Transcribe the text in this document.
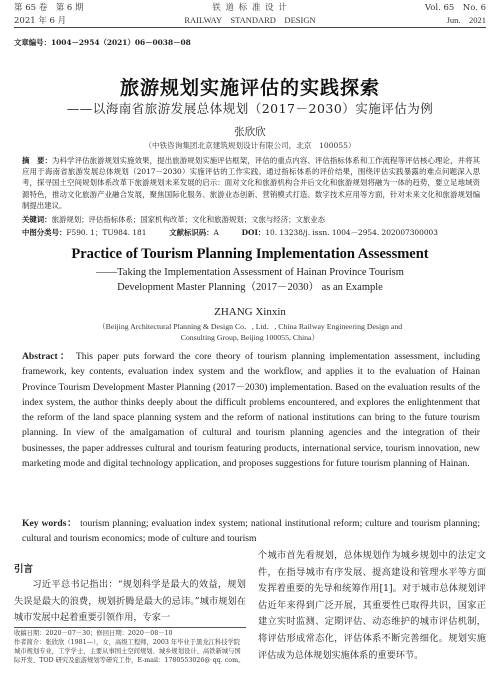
第 65 卷　第 6 期	铁 道 标 准 设 计	Vol. 65　No. 6
2021 年 6 月	RAILWAY　STANDARD　DESIGN	Jun.　2021
文章编号：1004－2954（2021）06－0038－08
旅游规划实施评估的实践探索
——以海南省旅游发展总体规划（2017－2030）实施评估为例
张欣欣
（中铁咨询集团北京建筑规划设计有限公司，北京　100055）
摘　要：为科学评估旅游规划实施效果，提出旅游规划实施评估框架，评估的重点内容、评估指标体系和工作流程等评估核心理论，并将其应用于海南省旅游发展总体规划（2017－2030）实施评估的工作实践。通过指标体系的评价结果，围绕评估实践暴露的难点问题深入思考，探寻国土空间规划体系改革下旅游规划未来发展的启示：面对文化和旅游机构合并后文化和旅游规划将融为一体的趋势，要立足地域资源特色，推动文化旅游产业融合发展，聚焦国际化服务、旅游业态创新、营销模式打造、数字技术应用等方面，针对未来文化和旅游规划编制提出建议。
关键词：旅游规划；评估指标体系；国家机构改革；文化和旅游规划；文旅与经济；文旅业态
中图分类号：F590. 1；TU984. 181	文献标识码：A	DOI：10. 13238/j. issn. 1004－2954. 202007300003
Practice of Tourism Planning Implementation Assessment
——Taking the Implementation Assessment of Hainan Province Tourism
Development Master Planning（2017－2030） as an Example
ZHANG Xinxin
（Beijing Architectural Planning & Design Co．, Ltd．, China Railway Engineering Design and
Consulting Group, Beijing 100055, China）
Abstract： This paper puts forward the core theory of tourism planning implementation assessment, including framework, key contents, evaluation index system and the workflow, and applies it to the evaluation of Hainan Province Tourism Development Master Planning (2017－2030) implementation. Based on the evaluation results of the index system, the author thinks deeply about the difficult problems encountered, and explores the enlightenment that the reform of the land space planning system and the reform of national institutions can bring to the future tourism planning. In view of the amalgamation of cultural and tourism planning agencies and the integration of their businesses, the paper addresses cultural and tourism featuring products, international service, tourism innovation, new marketing mode and digital technology application, and proposes suggestions for future tourism planning of Hainan.
Key words： tourism planning; evaluation index system; national institutional reform; culture and tourism planning; cultural and tourism economics; mode of culture and tourism
引言
习近平总书记指出：“规划科学是最大的效益，规划失误是最大的浪费，规划折腾是最大的忌讳。”城市规划在城市发展中起着重要引领作用，专家一
个城市首先看规划，总体规划作为城乡规划中的法定文件，在指导城市有序发展、提高建设和管理水平等方面发挥着重要的先导和统筹作用[1]。对于城市总体规划评估近年来得到广泛开展，其重要性已取得共识，国家正建立实时监测、定期评估、动态维护的城市评估机制，将评估形成常态化，评估体系不断完善细化。规划实施评估成为总体规划实施体系的重要环节。
收稿日期：2020－07－30；修回日期：2020－08－10
作者简介：张欣欣（1981—），女，高级工程师，2003 年毕业于黑龙江科技学院城市规划专业，工学学士，主要从事国土空间规划、城乡规划设计、高铁新城与国际开发、TOD 研究及旅游规划等研究工作，E-mail：1780553026@ qq. com。
